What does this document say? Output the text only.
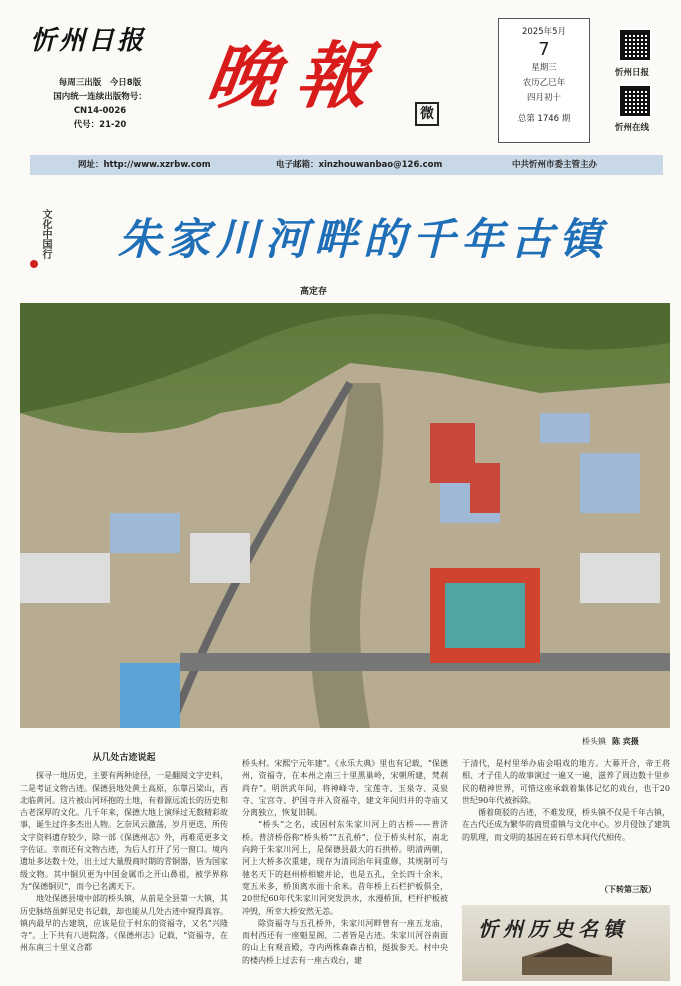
忻州日报
每周三出版　今日8版
国内统一连续出版物号：
CN14-0026
代号：21-20
晚報	微
2025年5月
7
星期三
农历乙巳年
四月初十
总第 1746 期
忻州日报
忻州在线
网址：http://www.xzrbw.com	电子邮箱：xinzhouwanbao@126.com	中共忻州市委主管主办
文化中国行 朱家川河畔的千年古镇
高定存
桥头镇 陈 宾摄
从几处古迹说起

探寻一地历史，主要有两种途径，一是翻阅文字史料，二是考证文物古迹。保德县地处黄土高原，东靠吕梁山，西北临黄河。这片被山河环抱的土地，有着源远流长的历史和古老深厚的文化。几千年来，保德大地上演绎过无数精彩故事，诞生过许多杰出人物。乞奈风云激荡，岁月更迭，所传文字资料遗存较少，除一部《保德州志》外，再难觅更多文字佐证。幸而还有文物古迹，为后人打开了另一窗口。境内遗址多达数十处，出土过大量殷商时期的青铜器，皆为国家级文物。其中铜贝更为中国金属币之开山鼻祖，被学界称为“保德铜贝”，而今已名满天下。

地处保德县境中部的桥头镇，从前是全县第一大镇，其历史脉络虽鲜见史书记载，却也能从几处古迹中窥得真容。镇内最早的古建筑，应该是位于村东的资福寺，又名“兴隆寺”。上下共有八进院落。《保德州志》记载，“资福寺，在州东南三十里义合都

桥头村。宋熙宁元年建”。《永乐大典》里也有记载，“保德州，资福寺，在本州之南三十里黑巢岭，宋朝所建，梵刹尚存”。明洪武年间，将神峰寺、宝莲寺、玉泉寺、灵泉寺、宝宫寺、护国寺并入资福寺，建文年间归并的寺庙又分离独立，恢复旧制。

“桥头”之名，或因村东朱家川河上的古桥——普济桥。普济桥俗称“桥头桥”“五孔桥”，位于桥头村东，南北向跨于朱家川河上，是保德县最大的石拱桥。明清两朝，河上大桥多次重建，现存为清同治年间重修，其规制可与驰名天下的赵州桥相媲并论，也是五孔，全长四十余米，宽五米多，桥顶离水面十余米。昔年桥上石栏护板俱全，20世纪60年代朱家川河突发洪水，水漫桥顶，栏杆护板被冲毁，所幸大桥安然无恙。

除资福寺与五孔桥外，朱家川河畔曾有一座五龙庙，而村西还有一座魁星阁，二者皆是古迹。朱家川河谷南面的山上有观音殿，寺内两株森森古柏，挺拔参天。村中央的楼内桥上过去有一座古戏台，建

于清代，是村里举办庙会唱戏的地方。大幕开合，帝王将相、才子佳人的故事演过一遍又一遍，滋养了周边数十里乡民的精神世界，可惜这座承载着集体记忆的戏台，也于20世纪90年代被拆除。

循着斑驳的古迹，不难发现，桥头镇不仅是千年古镇，在古代还成为繁华的商贸重镇与文化中心。岁月侵蚀了建筑的肌理，而文明的基因在砖石草木间代代相传。

（下转第三版）
忻州历史名镇
